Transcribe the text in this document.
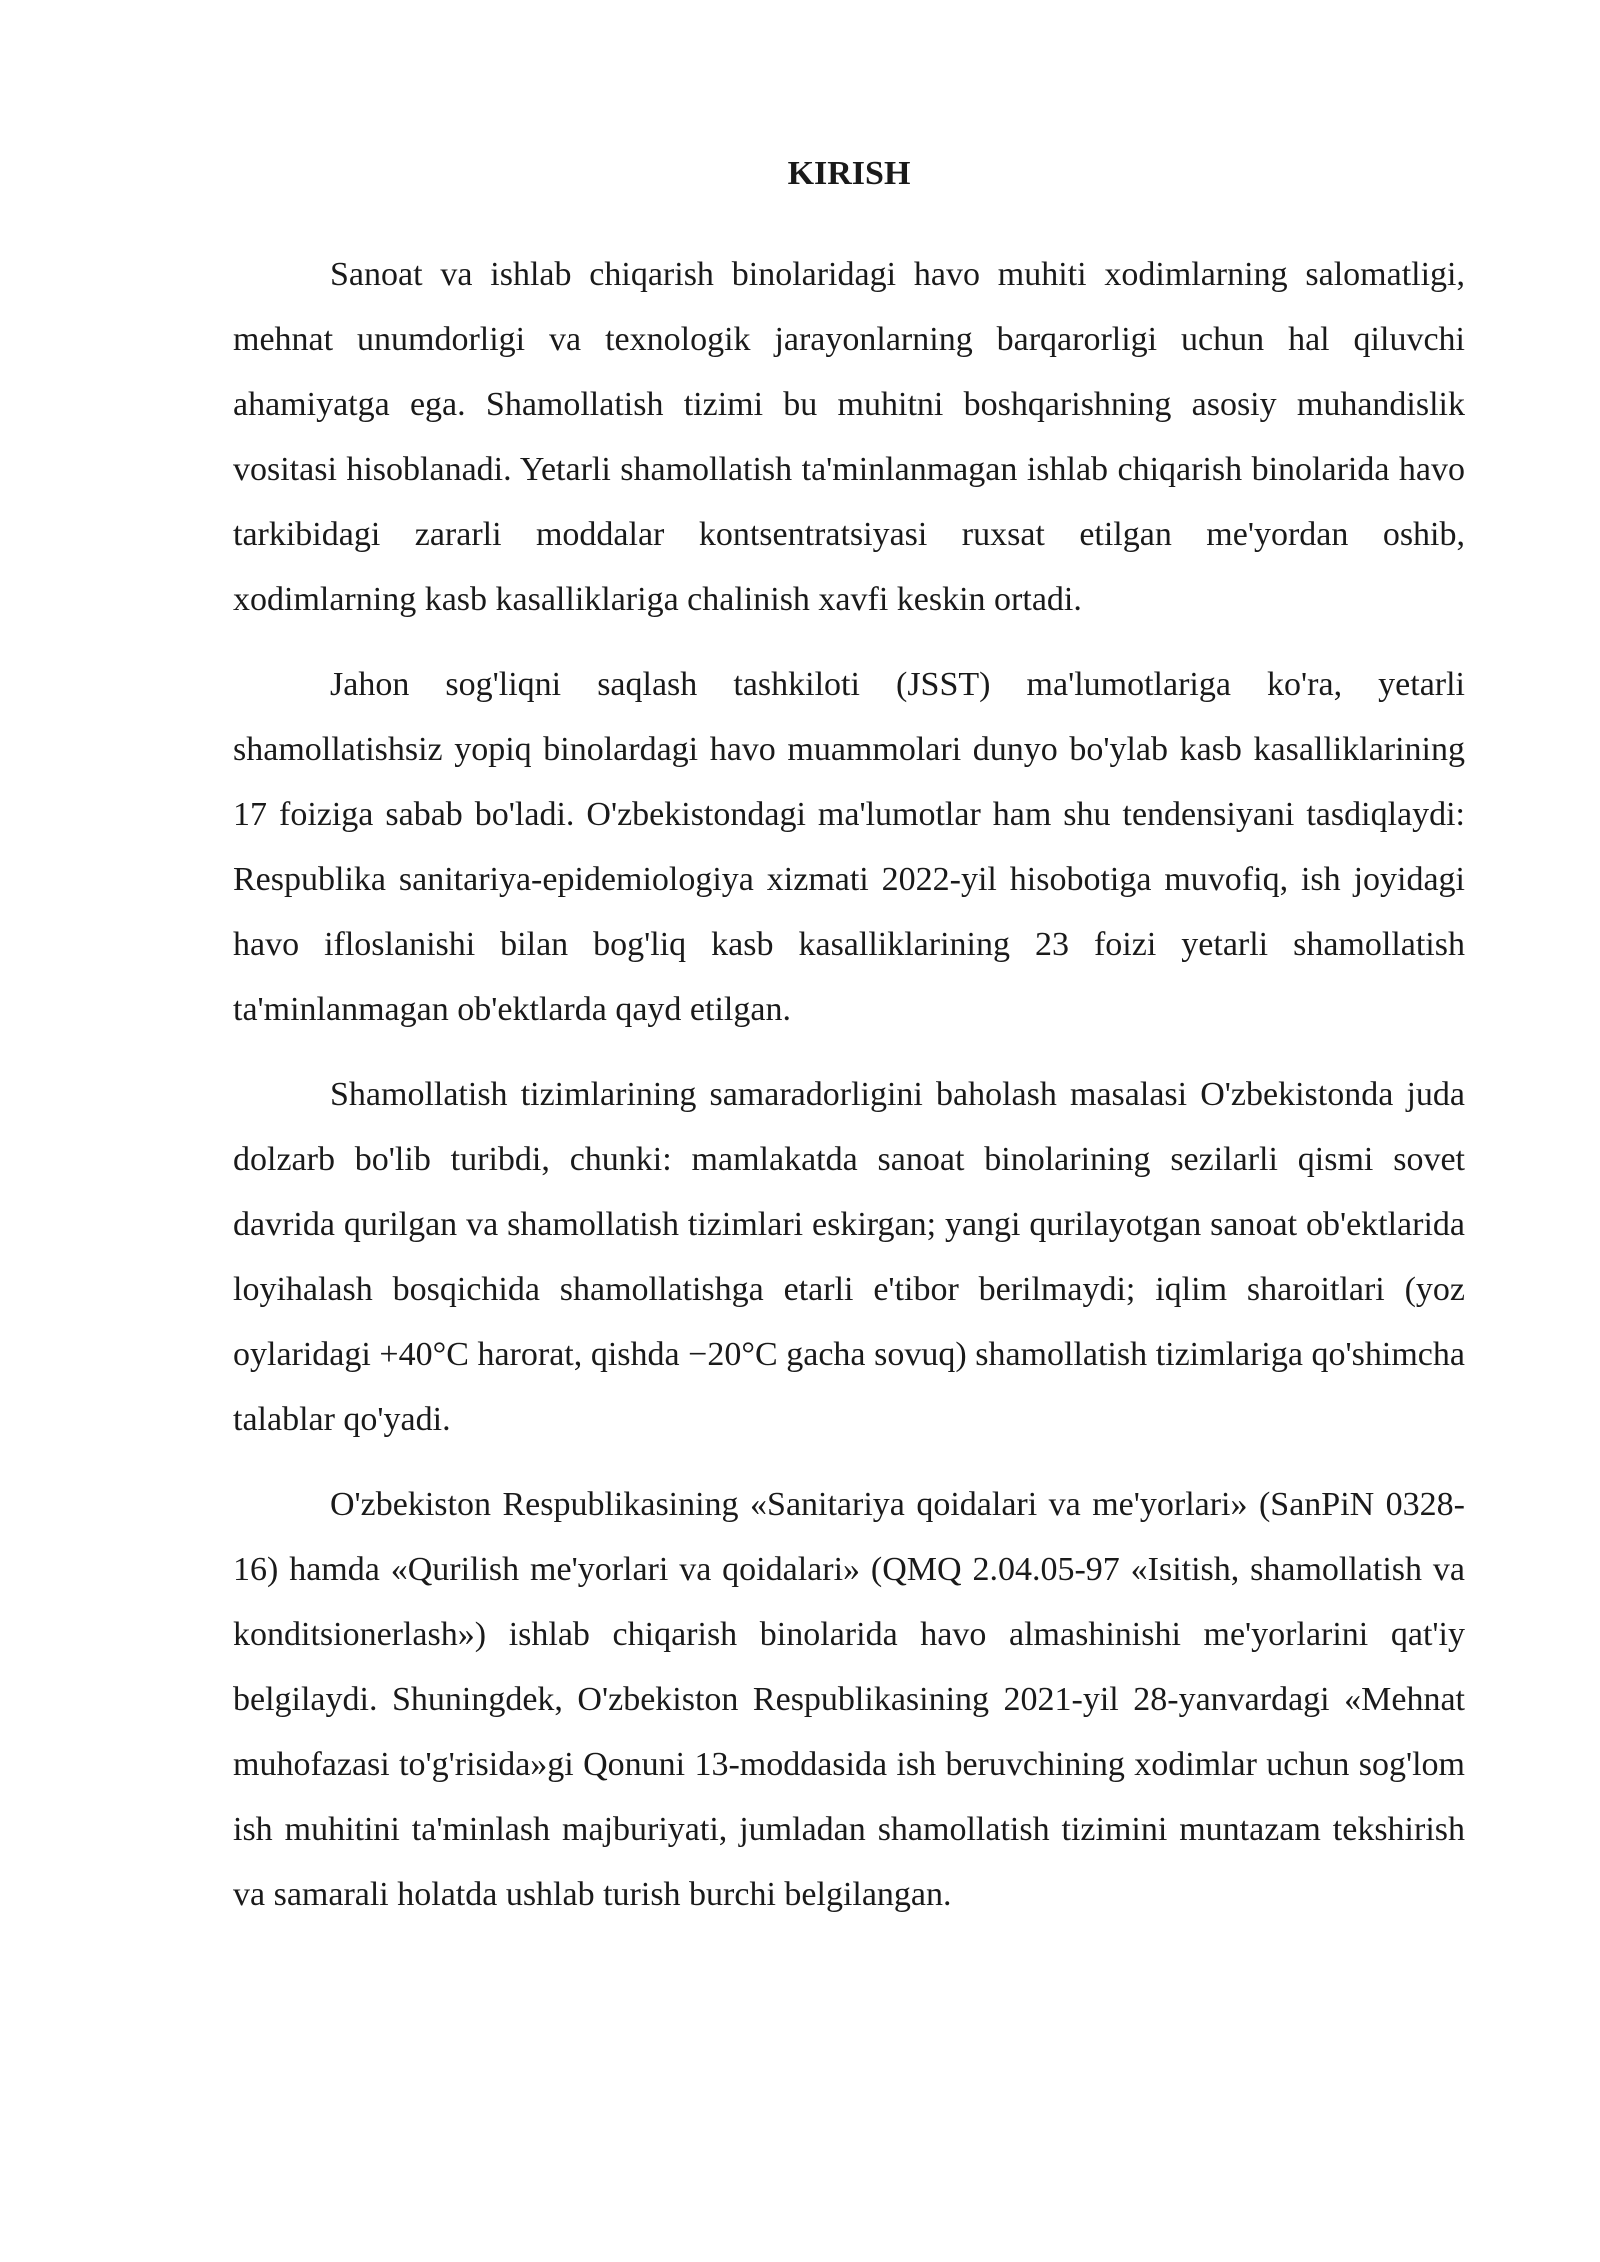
KIRISH

Sanoat va ishlab chiqarish binolaridagi havo muhiti xodimlarning salomatligi, mehnat unumdorligi va texnologik jarayonlarning barqarorligi uchun hal qiluvchi ahamiyatga ega. Shamollatish tizimi bu muhitni boshqarishning asosiy muhandislik vositasi hisoblanadi. Yetarli shamollatish ta'minlanmagan ishlab chiqarish binolarida havo tarkibidagi zararli moddalar kontsentratsiyasi ruxsat etilgan me'yordan oshib, xodimlarning kasb kasalliklariga chalinish xavfi keskin ortadi.

Jahon sog'liqni saqlash tashkiloti (JSST) ma'lumotlariga ko'ra, yetarli shamollatishsiz yopiq binolardagi havo muammolari dunyo bo'ylab kasb kasalliklarining 17 foiziga sabab bo'ladi. O'zbekistondagi ma'lumotlar ham shu tendensiyani tasdiqlaydi: Respublika sanitariya-epidemiologiya xizmati 2022-yil hisobotiga muvofiq, ish joyidagi havo ifloslanishi bilan bog'liq kasb kasalliklarining 23 foizi yetarli shamollatish ta'minlanmagan ob'ektlarda qayd etilgan.

Shamollatish tizimlarining samaradorligini baholash masalasi O'zbekistonda juda dolzarb bo'lib turibdi, chunki: mamlakatda sanoat binolarining sezilarli qismi sovet davrida qurilgan va shamollatish tizimlari eskirgan; yangi qurilayotgan sanoat ob'ektlarida loyihalash bosqichida shamollatishga etarli e'tibor berilmaydi; iqlim sharoitlari (yoz oylaridagi +40°C harorat, qishda −20°C gacha sovuq) shamollatish tizimlariga qo'shimcha talablar qo'yadi.

O'zbekiston Respublikasining «Sanitariya qoidalari va me'yorlari» (SanPiN 0328-16) hamda «Qurilish me'yorlari va qoidalari» (QMQ 2.04.05-97 «Isitish, shamollatish va konditsionerlash») ishlab chiqarish binolarida havo almashinishi me'yorlarini qat'iy belgilaydi. Shuningdek, O'zbekiston Respublikasining 2021-yil 28-yanvardagi «Mehnat muhofazasi to'g'risida»gi Qonuni 13-moddasida ish beruvchining xodimlar uchun sog'lom ish muhitini ta'minlash majburiyati, jumladan shamollatish tizimini muntazam tekshirish va samarali holatda ushlab turish burchi belgilangan.
